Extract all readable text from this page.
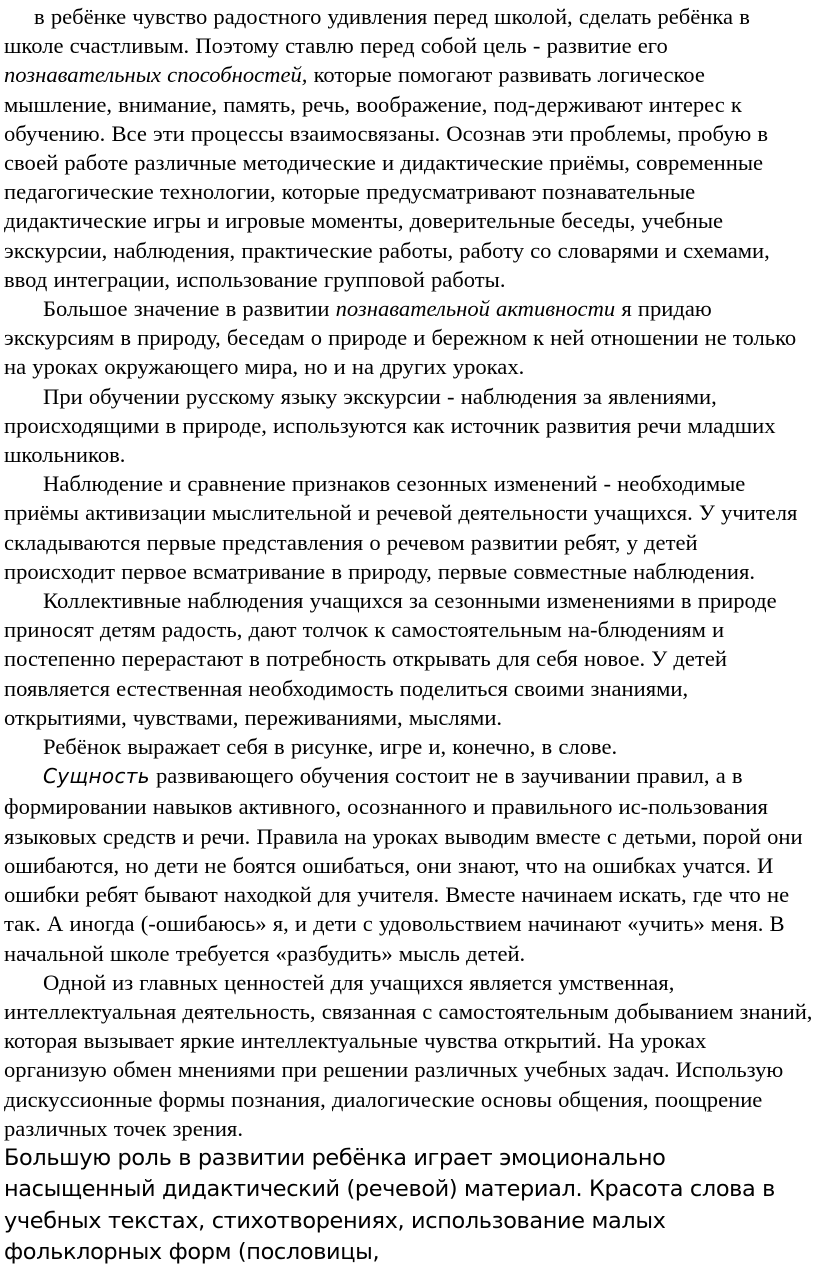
в ребёнке чувство радостного удивления перед школой, сделать ребёнка в школе счастливым. Поэтому ставлю перед собой цель - развитие его познавательных способностей, которые помогают развивать логическое мышление, внимание, память, речь, воображение, под-держивают интерес к обучению. Все эти процессы взаимосвязаны. Осознав эти проблемы, пробую в своей работе различные методические и дидактические приёмы, современные педагогические технологии, которые предусматривают познавательные дидактические игры и игровые моменты, доверительные беседы, учебные экскурсии, наблюдения, практические работы, работу со словарями и схемами, ввод интеграции, использование групповой работы.

Большое значение в развитии познавательной активности я придаю экскурсиям в природу, беседам о природе и бережном к ней отношении не только на уроках окружающего мира, но и на других уроках.

При обучении русскому языку экскурсии - наблюдения за явлениями, происходящими в природе, используются как источник развития речи младших школьников.

Наблюдение и сравнение признаков сезонных изменений - необходимые приёмы активизации мыслительной и речевой деятельности учащихся. У учителя складываются первые представления о речевом развитии ребят, у детей происходит первое всматривание в природу, первые совместные наблюдения.

Коллективные наблюдения учащихся за сезонными изменениями в природе приносят детям радость, дают толчок к самостоятельным на-блюдениям и постепенно перерастают в потребность открывать для себя новое. У детей появляется естественная необходимость поделиться своими знаниями, открытиями, чувствами, переживаниями, мыслями.

Ребёнок выражает себя в рисунке, игре и, конечно, в слове.

Сущность развивающего обучения состоит не в заучивании правил, а в формировании навыков активного, осознанного и правильного ис-пользования языковых средств и речи. Правила на уроках выводим вместе с детьми, порой они ошибаются, но дети не боятся ошибаться, они знают, что на ошибках учатся. И ошибки ребят бывают находкой для учителя. Вместе начинаем искать, где что не так. А иногда (-ошибаюсь» я, и дети с удовольствием начинают «учить» меня. В начальной школе требуется «разбудить» мысль детей.

Одной из главных ценностей для учащихся является умственная, интеллектуальная деятельность, связанная с самостоятельным добыванием знаний, которая вызывает яркие интеллектуальные чувства открытий. На уроках организую обмен мнениями при решении различных учебных задач. Использую дискуссионные формы познания, диалогические основы общения, поощрение различных точек зрения.

Большую роль в развитии ребёнка играет эмоционально насыщенный дидактический (речевой) материал. Красота слова в учебных текстах, стихотворениях, использование малых фольклорных форм (пословицы,
